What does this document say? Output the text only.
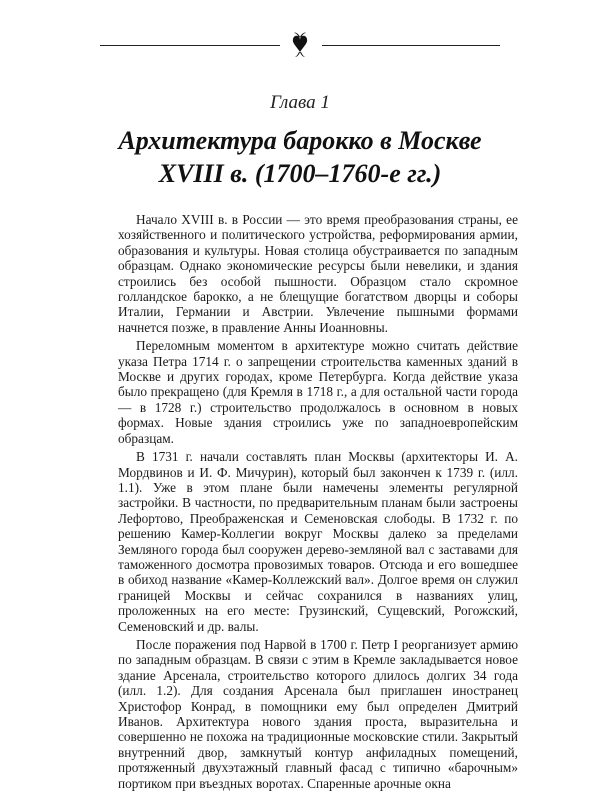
Глава 1
Архитектура барокко в Москве
XVIII в. (1700–1760-е гг.)

Начало XVIII в. в России — это время преобразования страны, ее хозяйственного и политического устройства, реформирования армии, образования и культуры. Новая столица обустраивается по западным образцам. Однако экономические ресурсы были невелики, и здания строились без особой пышности. Образцом стало скромное голландское барокко, а не блещущие богатством дворцы и соборы Италии, Германии и Австрии. Увлечение пышными формами начнется позже, в правление Анны Иоанновны.

Переломным моментом в архитектуре можно считать действие указа Петра 1714 г. о запрещении строительства каменных зданий в Москве и других городах, кроме Петербурга. Когда действие указа было прекращено (для Кремля в 1718 г., а для остальной части города — в 1728 г.) строительство продолжалось в основном в новых формах. Новые здания строились уже по западноевропейским образцам.

В 1731 г. начали составлять план Москвы (архитекторы И. А. Мордвинов и И. Ф. Мичурин), который был закончен к 1739 г. (илл. 1.1). Уже в этом плане были намечены элементы регулярной застройки. В частности, по предварительным планам были застроены Лефортово, Преображенская и Семеновская слободы. В 1732 г. по решению Камер-Коллегии вокруг Москвы далеко за пределами Земляного города был сооружен дерево-земляной вал с заставами для таможенного досмотра провозимых товаров. Отсюда и его вошедшее в обиход название «Камер-Коллежский вал». Долгое время он служил границей Москвы и сейчас сохранился в названиях улиц, проложенных на его месте: Грузинский, Сущевский, Рогожский, Семеновский и др. валы.

После поражения под Нарвой в 1700 г. Петр I реорганизует армию по западным образцам. В связи с этим в Кремле закладывается новое здание Арсенала, строительство которого длилось долгих 34 года (илл. 1.2). Для создания Арсенала был приглашен иностранец Христофор Конрад, в помощники ему был определен Дмитрий Иванов. Архитектура нового здания проста, выразительна и совершенно не похожа на традиционные московские стили. Закрытый внутренний двор, замкнутый контур анфиладных помещений, протяженный двухэтажный главный фасад с типично «барочным» портиком при въездных воротах. Спаренные арочные окна
